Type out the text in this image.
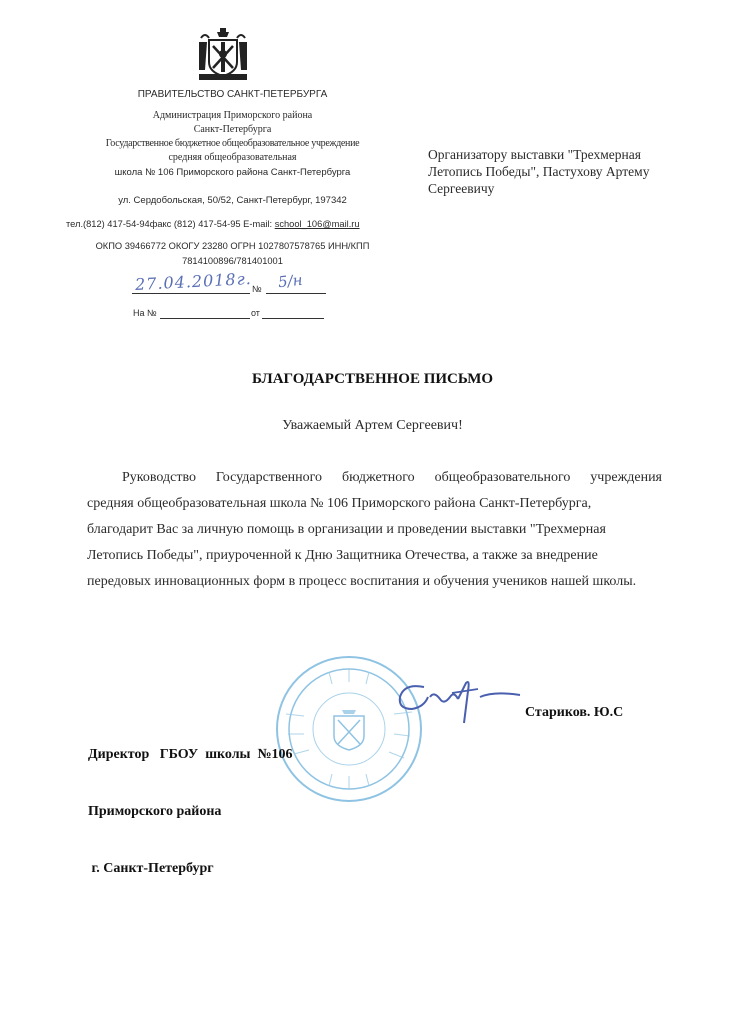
ПРАВИТЕЛЬСТВО САНКТ-ПЕТЕРБУРГА
Администрация Приморского района
Санкт-Петербурга
Государственное бюджетное общеобразовательное учреждение
средняя общеобразовательная
школа № 106 Приморского района Санкт-Петербурга
ул. Сердобольская, 50/52, Санкт-Петербург, 197342
тел.(812) 417-54-94факс (812) 417-54-95 E-mail: school_106@mail.ru
ОКПО 39466772 ОКОГУ 23280 ОГРН 1027807578765 ИНН/КПП
7814100896/781401001
27.04.2018г. № 5/н
На №	от
Организатору выставки "Трехмерная
Летопись Победы", Пастухову Артему
Сергеевичу
БЛАГОДАРСТВЕННОЕ ПИСЬМО
Уважаемый Артем Сергеевич!
Руководство Государственного бюджетного общеобразовательного учреждения
средняя общеобразовательная школа № 106 Приморского района Санкт-Петербурга,
благодарит Вас за личную помощь в организации и проведении выставки "Трехмерная
Летопись Победы", приуроченной к Дню Защитника Отечества, а также за внедрение
передовых инновационных форм в процесс воспитания и обучения учеников нашей школы.

Директор   ГБОУ  школы  №106

Приморского района

г. Санкт-Петербург

Стариков. Ю.С
